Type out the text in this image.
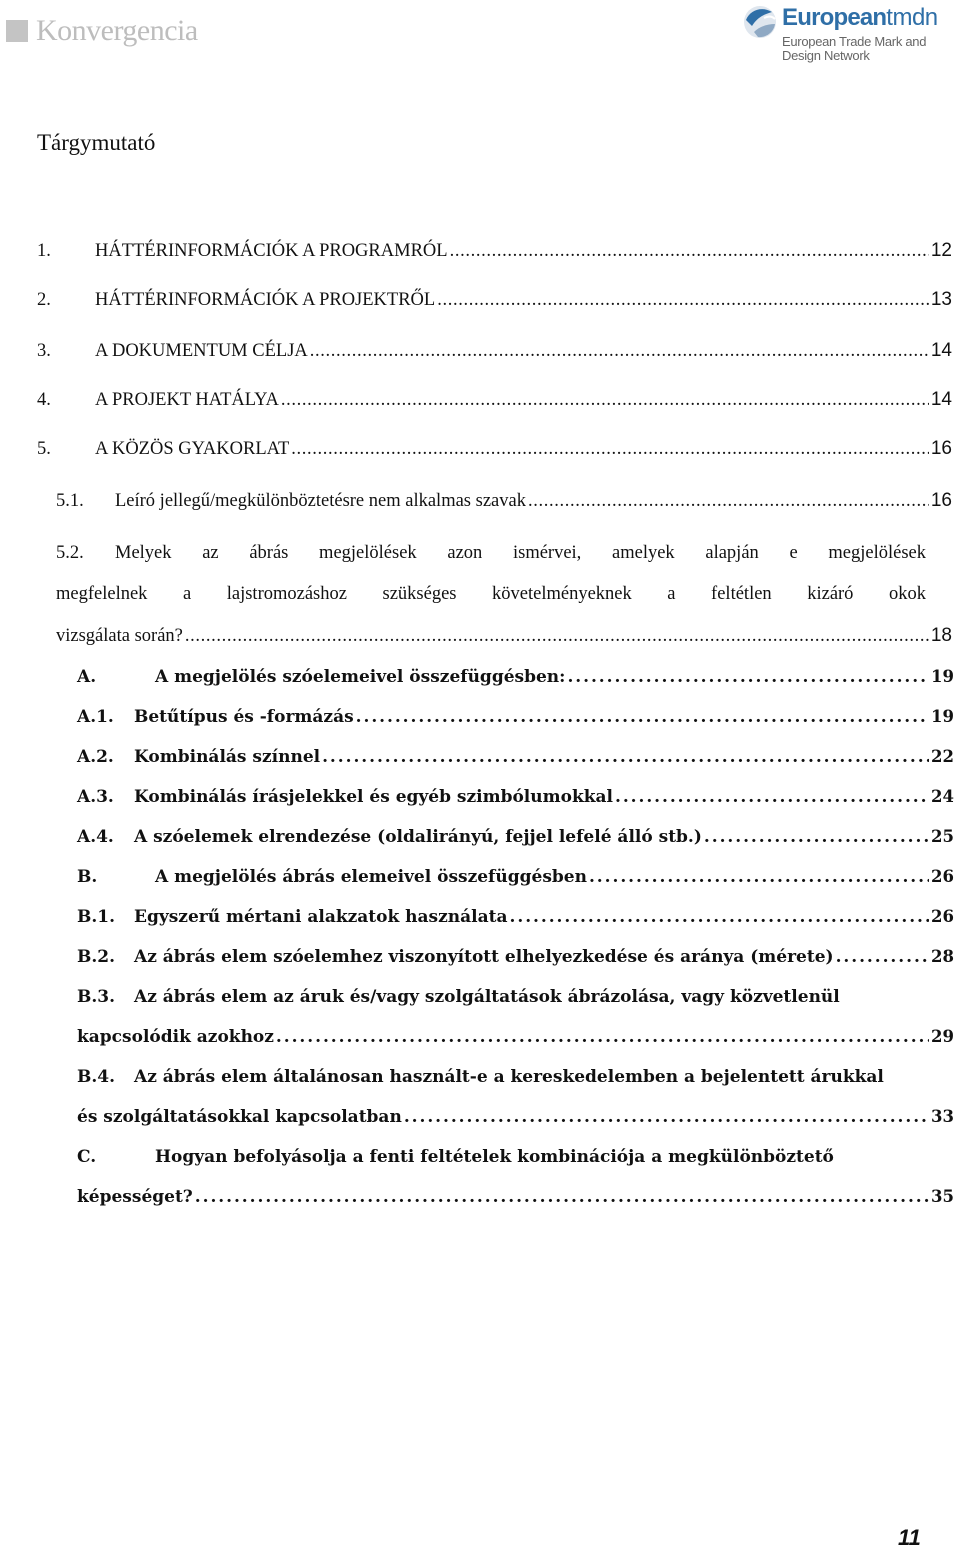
Konvergencia	Europeantmdn
European Trade Mark and
Design Network
Tárgymutató
1.	HÁTTÉRINFORMÁCIÓK A PROGRAMRÓL . . .	12
2.	HÁTTÉRINFORMÁCIÓK A PROJEKTRŐL . . .	13
3.	A DOKUMENTUM CÉLJA . . .	14
4.	A PROJEKT HATÁLYA . . .	14
5.	A KÖZÖS GYAKORLAT . . .	16
5.1.	Leíró jellegű/megkülönböztetésre nem alkalmas szavak . . .	16
5.2. Melyek az ábrás megjelölések azon ismérvei, amelyek alapján e megjelölések
megfelelnek a lajstromozáshoz szükséges követelményeknek a feltétlen kizáró okok
vizsgálata során? . . .	18
A.	A megjelölés szóelemeivel összefüggésben: . . .	19
A.1.	Betűtípus és -formázás . . .	19
A.2.	Kombinálás színnel . . .	22
A.3.	Kombinálás írásjelekkel és egyéb szimbólumokkal . . .	24
A.4.	A szóelemek elrendezése (oldalirányú, fejjel lefelé álló stb.) . . .	25
B.	A megjelölés ábrás elemeivel összefüggésben . . .	26
B.1.	Egyszerű mértani alakzatok használata . . .	26
B.2.	Az ábrás elem szóelemhez viszonyított elhelyezkedése és aránya (mérete) . . .	28
B.3. Az ábrás elem az áruk és/vagy szolgáltatások ábrázolása, vagy közvetlenül
kapcsolódik azokhoz . . .	29
B.4. Az ábrás elem általánosan használt-e a kereskedelemben a bejelentett árukkal
és szolgáltatásokkal kapcsolatban . . .	33
C.	Hogyan befolyásolja a fenti feltételek kombinációja a megkülönböztető
képességet? . . .	35
11
